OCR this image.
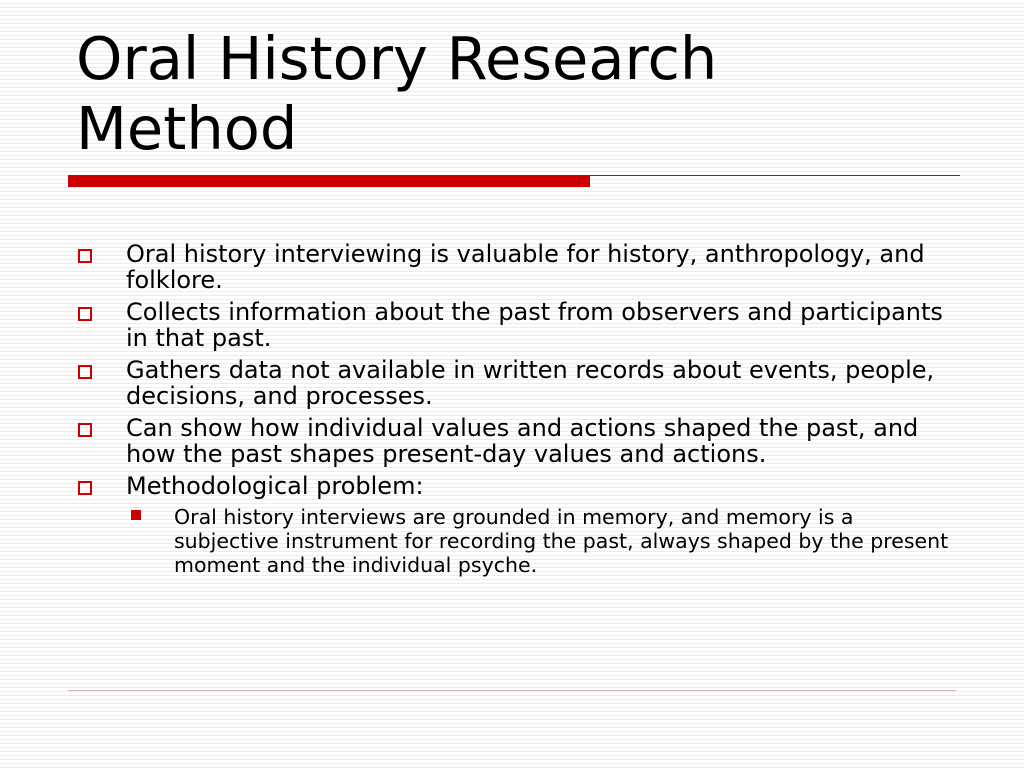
Oral History Research Method
Oral history interviewing is valuable for history, anthropology, and folklore.
Collects information about the past from observers and participants in that past.
Gathers data not available in written records about events, people, decisions, and processes.
Can show how individual values and actions shaped the past, and how the past shapes present-day values and actions.
Methodological problem:
Oral history interviews are grounded in memory, and memory is a subjective instrument for recording the past, always shaped by the present moment and the individual psyche.
